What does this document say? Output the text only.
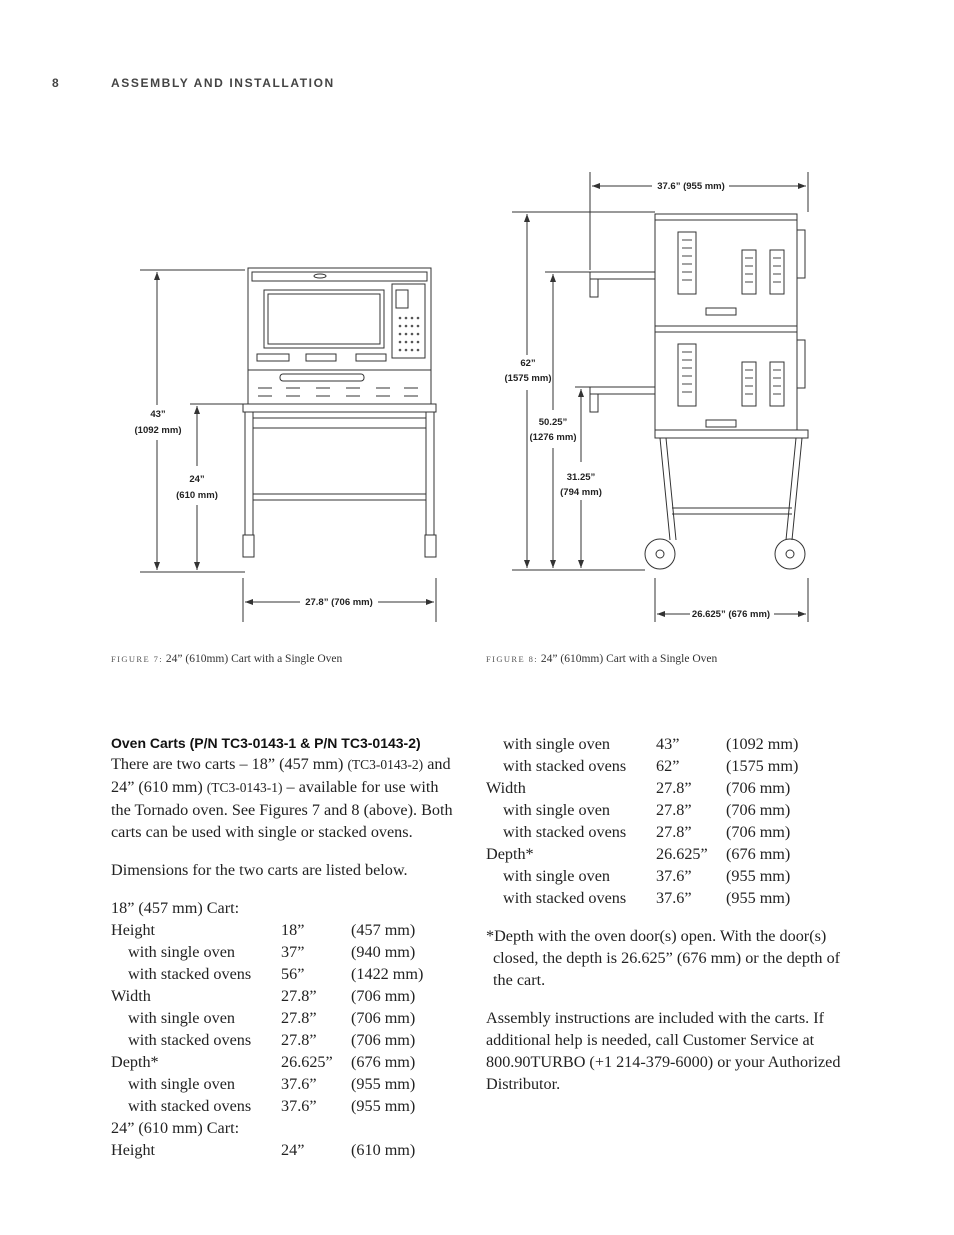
8	ASSEMBLY AND INSTALLATION
43”
(1092 mm)
24”
(610 mm)
27.8” (706 mm)
37.6” (955 mm)
62”
(1575 mm)
50.25”
(1276 mm)
31.25”
(794 mm)
26.625” (676 mm)
FIGURE 7: 24” (610mm) Cart with a Single Oven	FIGURE 8: 24” (610mm) Cart with a Single Oven
Oven Carts (P/N TC3-0143-1 & P/N TC3-0143-2)

There are two carts – 18” (457 mm) (TC3-0143-2) and 24” (610 mm) (TC3-0143-1) – available for use with the Tornado oven. See Figures 7 and 8 (above). Both carts can be used with single or stacked ovens.

Dimensions for the two carts are listed below.

18” (457 mm) Cart:

Height	18”	(457 mm)
with single oven	37”	(940 mm)
with stacked ovens	56”	(1422 mm)
Width	27.8”	(706 mm)
with single oven	27.8”	(706 mm)
with stacked ovens	27.8”	(706 mm)
Depth*	26.625”	(676 mm)
with single oven	37.6”	(955 mm)
with stacked ovens	37.6”	(955 mm)

24” (610 mm) Cart:

Height	24”	(610 mm)
with single oven	43”	(1092 mm)
with stacked ovens	62”	(1575 mm)
Width	27.8”	(706 mm)
with single oven	27.8”	(706 mm)
with stacked ovens	27.8”	(706 mm)
Depth*	26.625”	(676 mm)
with single oven	37.6”	(955 mm)
with stacked ovens	37.6”	(955 mm)

*Depth with the oven door(s) open. With the door(s) closed, the depth is 26.625” (676 mm) or the depth of the cart.

Assembly instructions are included with the carts. If additional help is needed, call Customer Service at 800.90TURBO (+1 214-379-6000) or your Authorized Distributor.
